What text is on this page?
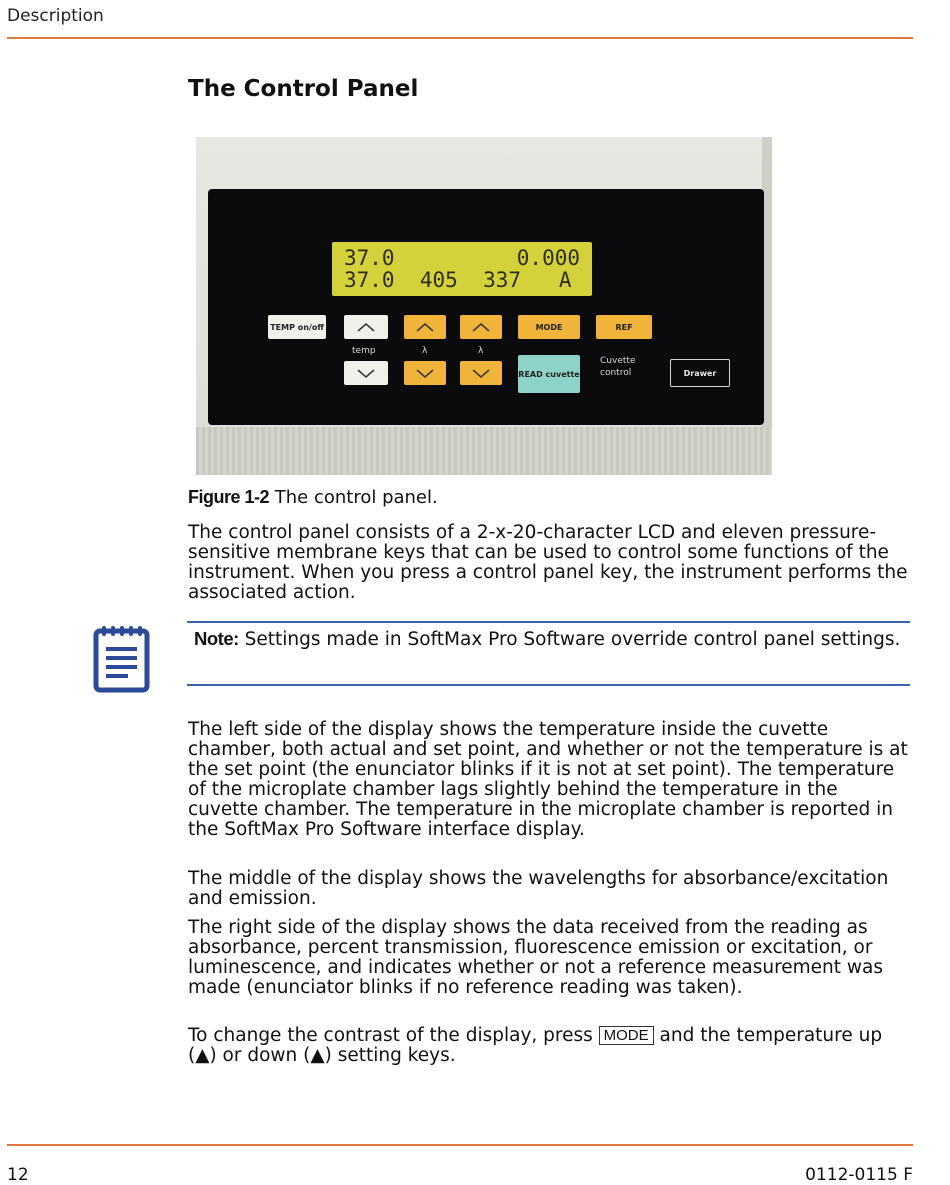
Description
The Control Panel
37.0	0.000
37.0  405  337   A
TEMP on/off	MODE	REF
temp	λ	λ
READ cuvette
Cuvette control	Drawer

Figure 1-2 The control panel.

The control panel consists of a 2-x-20-character LCD and eleven pressure-sensitive membrane keys that can be used to control some functions of the instrument. When you press a control panel key, the instrument performs the associated action.

Note: Settings made in SoftMax Pro Software override control panel settings.

The left side of the display shows the temperature inside the cuvette chamber, both actual and set point, and whether or not the temperature is at the set point (the enunciator blinks if it is not at set point). The temperature of the microplate chamber lags slightly behind the temperature in the cuvette chamber. The temperature in the microplate chamber is reported in the SoftMax Pro Software interface display.

The middle of the display shows the wavelengths for absorbance/excitation and emission.

The right side of the display shows the data received from the reading as absorbance, percent transmission, fluorescence emission or excitation, or luminescence, and indicates whether or not a reference measurement was made (enunciator blinks if no reference reading was taken).

To change the contrast of the display, press MODE and the temperature up (▲) or down (▲) setting keys.

12	0112-0115 F
